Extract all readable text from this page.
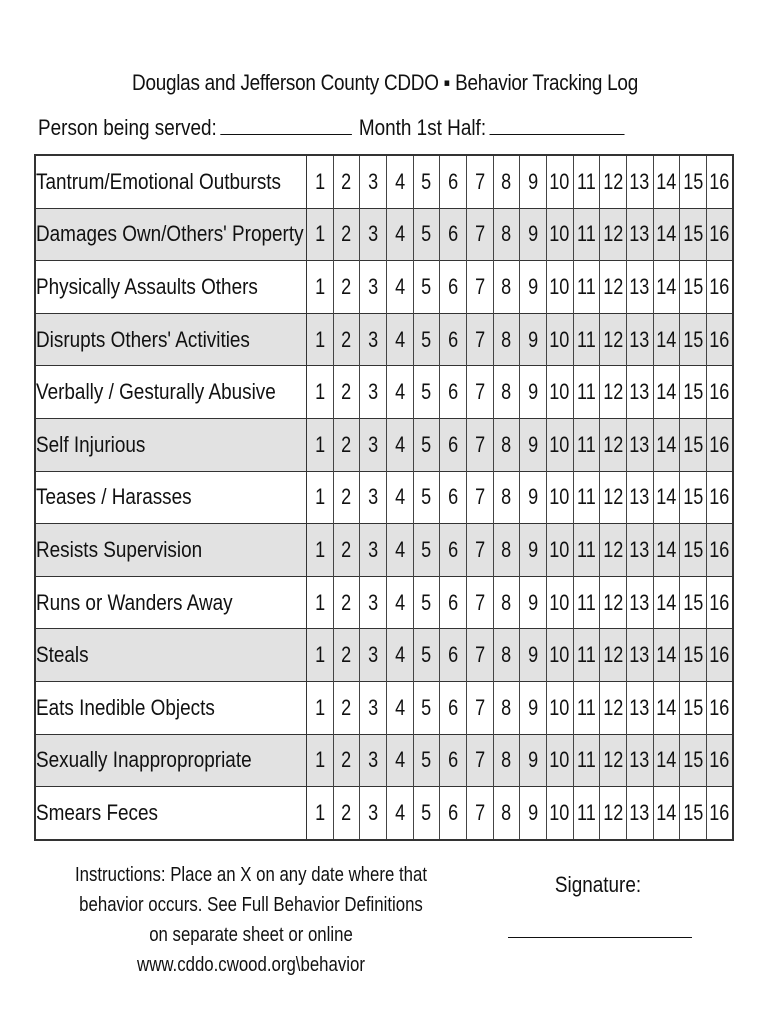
Douglas and Jefferson County CDDO ▪ Behavior Tracking Log
Person being served:	Month 1st Half:
Tantrum/Emotional Outbursts	1	2	3	4	5	6	7	8	9	10	11	12	13	14	15	16
Damages Own/Others' Property	1	2	3	4	5	6	7	8	9	10	11	12	13	14	15	16
Physically Assaults Others	1	2	3	4	5	6	7	8	9	10	11	12	13	14	15	16
Disrupts Others' Activities	1	2	3	4	5	6	7	8	9	10	11	12	13	14	15	16
Verbally / Gesturally Abusive	1	2	3	4	5	6	7	8	9	10	11	12	13	14	15	16
Self Injurious	1	2	3	4	5	6	7	8	9	10	11	12	13	14	15	16
Teases / Harasses	1	2	3	4	5	6	7	8	9	10	11	12	13	14	15	16
Resists Supervision	1	2	3	4	5	6	7	8	9	10	11	12	13	14	15	16
Runs or Wanders Away	1	2	3	4	5	6	7	8	9	10	11	12	13	14	15	16
Steals	1	2	3	4	5	6	7	8	9	10	11	12	13	14	15	16
Eats Inedible Objects	1	2	3	4	5	6	7	8	9	10	11	12	13	14	15	16
Sexually Inappropropriate	1	2	3	4	5	6	7	8	9	10	11	12	13	14	15	16
Smears Feces	1	2	3	4	5	6	7	8	9	10	11	12	13	14	15	16
Instructions: Place an X on any date where that behavior occurs. See Full Behavior Definitions on separate sheet or online www.cddo.cwood.org\behavior
Signature:
